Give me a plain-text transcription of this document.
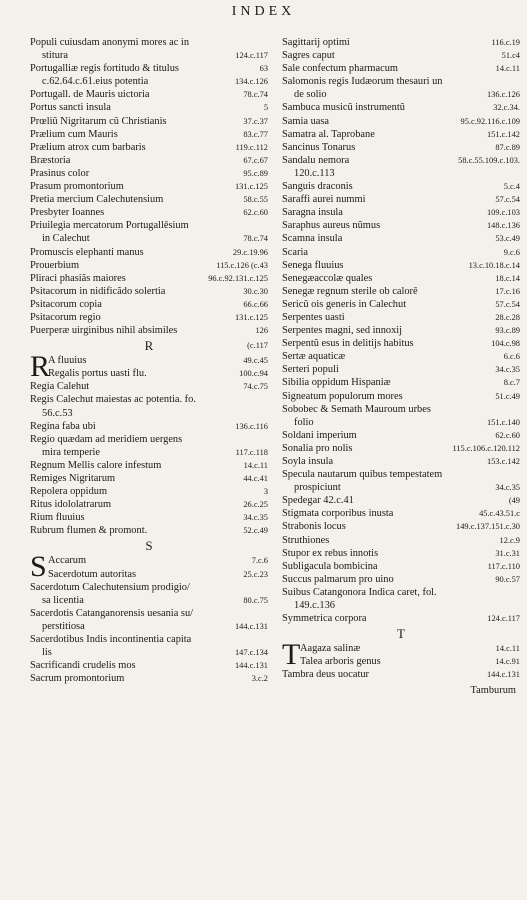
INDEX
Populi cuiusdam anonymi mores ac in
stitura	124.c.117
Portugalliæ regis fortitudo & titulus	63
c.62.64.c.61.eius potentia	134.c.126
Portugall. de Mauris uictoria	78.c.74
Portus sancti insula	5
Prœliũ Nigritarum cũ Christianis	37.c.37
Prælium cum Mauris	83.c.77
Prælium atrox cum barbaris	119.c.112
Bræstoria	67.c.67
Prasinus color	95.c.89
Prasum promontorium	131.c.125
Pretia mercium Calechutensium	58.c.55
Presbyter Ioannes	62.c.60
Priuilegia mercatorum Portugallēsium
in Calechut	78.c.74
Promuscis elephanti manus	29.c.19.96
Prouerbium	115.c.126 (c.43
Pliraci phasiãs maiores	96.c.92.131.c.125
Psitacorum in nidificãdo solertia	30.c.30
Psitacorum copia	66.c.66
Psitacorum regio	131.c.125
Puerperæ uirginibus nihil absimiles	126
R	(c.117
R
A fluuius	49.c.45
Regalis portus uasti flu.	100.c.94
Regia Calehut	74.c.75
Regis Calechut maiestas ac potentia. fo.
56.c.53
Regina faba ubi	136.c.116
Regio quædam ad meridiem uergens
mira temperie	117.c.118
Regnum Mellis calore infestum	14.c.11
Remiges Nigritarum	44.c.41
Repolera oppidum	3
Ritus idololatrarum	26.c.25
Rium fluuius	34.c.35
Rubrum flumen & promont.	52.c.49
S
S Accarum	7.c.6
Sacerdotum autoritas	25.c.23
Sacerdotum Calechutensium prodigio/
sa licentia	80.c.75
Sacerdotis Catanganorensis uesania su/
perstitiosa	144.c.131
Sacerdotibus Indis incontinentia capita
lis	147.c.134
Sacrificandi crudelis mos	144.c.131
Sacrum promontorium	3.c.2
Sagittarij optimi	116.c.19
Sagres caput	51.c4
Sale confectum pharmacum	14.c.11
Salomonis regis Iudæorum thesauri un
de solio	136.c.126
Sambuca musicũ instrumentũ	32.c.34.
Samia uasa	95.c.92.116.c.109
Samatra al. Taprobane	151.c.142
Sancinus Tonarus	87.c.89
Sandalu nemora	58.c.55.109.c.103.
120.c.113
Sanguis draconis	5.c.4
Saraffi aurei nummi	57.c.54
Saragna insula	109.c.103
Saraphus aureus nũmus	148.c.136
Scamna insula	53.c.49
Scaria	9.c.6
Senega fluuius	13.c.10.18.c.14
Senegæaccolæ quales	18.c.14
Senegæ regnum sterile ob calorē	17.c.16
Sericũ ois generis in Calechut	57.c.54
Serpentes uasti	28.c.28
Serpentes magni, sed innoxij	93.c.89
Serpentũ esus in delitijs habitus	104.c.98
Sertæ aquaticæ	6.c.6
Serteri populi	34.c.35
Sibilia oppidum Hispaniæ	8.c.7
Signeatum populorum mores	51.c.49
Sobobec & Semath Mauroum urbes
folio	151.c.140
Soldani imperium	62.c.60
Sonalia pro nolis	115.c.106.c.120.112
Soyla insula	153.c.142
Specula nautarum quibus tempestatem
prospiciunt	34.c.35
Spedegar 42.c.41	(49
Stigmata corporibus inusta	45.c.43.51.c
Strabonis locus	149.c.137.151.c.30
Struthiones	12.c.9
Stupor ex rebus innotis	31.c.31
Subligacula bombicina	117.c.110
Succus palmarum pro uino	90.c.57
Suibus Catangonora Indica caret, fol.
149.c.136
Symmetrica corpora	124.c.117
T
T Aagaza salinæ	14.c.11
Talea arboris genus	14.c.91
Tambra deus uocatur	144.c.131
Tamburum
